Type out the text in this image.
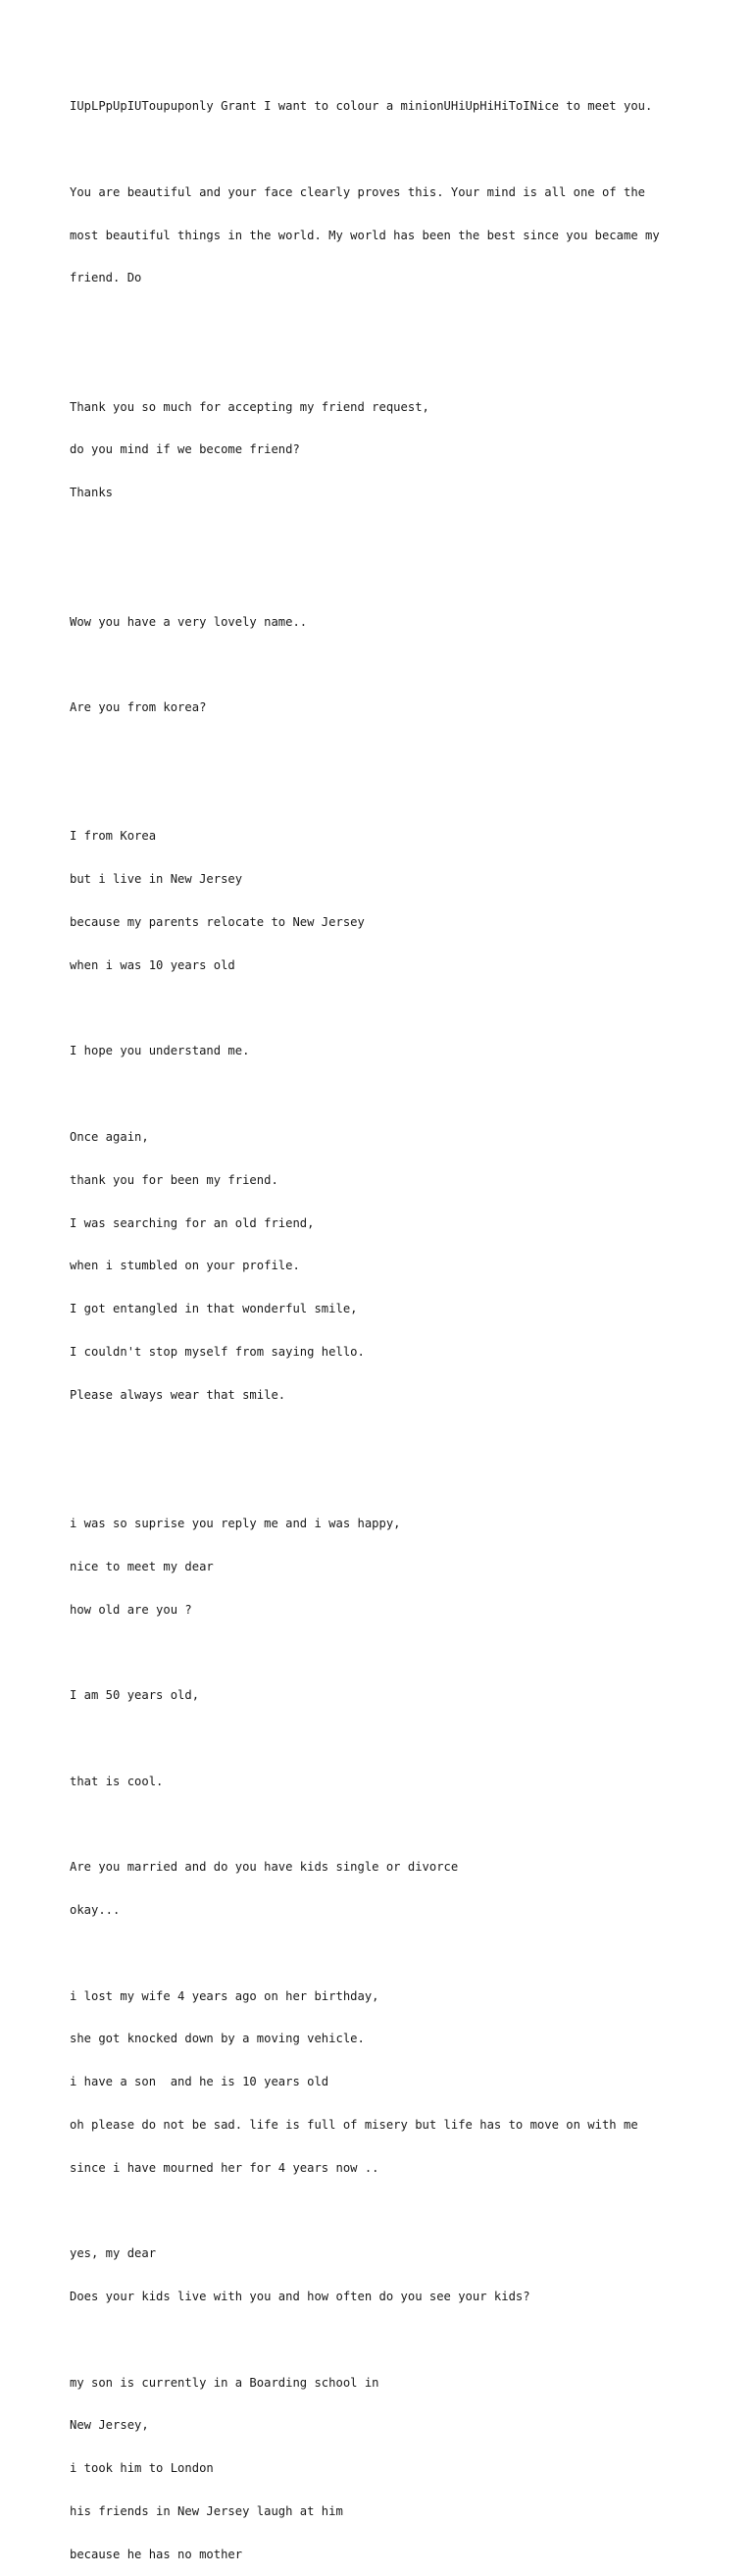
IUpLPpUpIUToupuponly Grant I want to colour a minionUHiUpHiHiToINice to meet you.

You are beautiful and your face clearly proves this. Your mind is all one of the

most beautiful things in the world. My world has been the best since you became my

friend. Do

Thank you so much for accepting my friend request,

do you mind if we become friend?

Thanks

Wow you have a very lovely name..

Are you from korea?

I from Korea

but i live in New Jersey

because my parents relocate to New Jersey

when i was 10 years old

I hope you understand me.

Once again,

thank you for been my friend.

I was searching for an old friend,

when i stumbled on your profile.

I got entangled in that wonderful smile,

I couldn't stop myself from saying hello.

Please always wear that smile.

i was so suprise you reply me and i was happy,

nice to meet my dear

how old are you ?

I am 50 years old,

that is cool.

Are you married and do you have kids single or divorce

okay...

i lost my wife 4 years ago on her birthday,

she got knocked down by a moving vehicle.

i have a son  and he is 10 years old

oh please do not be sad. life is full of misery but life has to move on with me

since i have mourned her for 4 years now ..

yes, my dear

Does your kids live with you and how often do you see your kids?

my son is currently in a Boarding school in

New Jersey,

i took him to London

his friends in New Jersey laugh at him

because he has no mother
